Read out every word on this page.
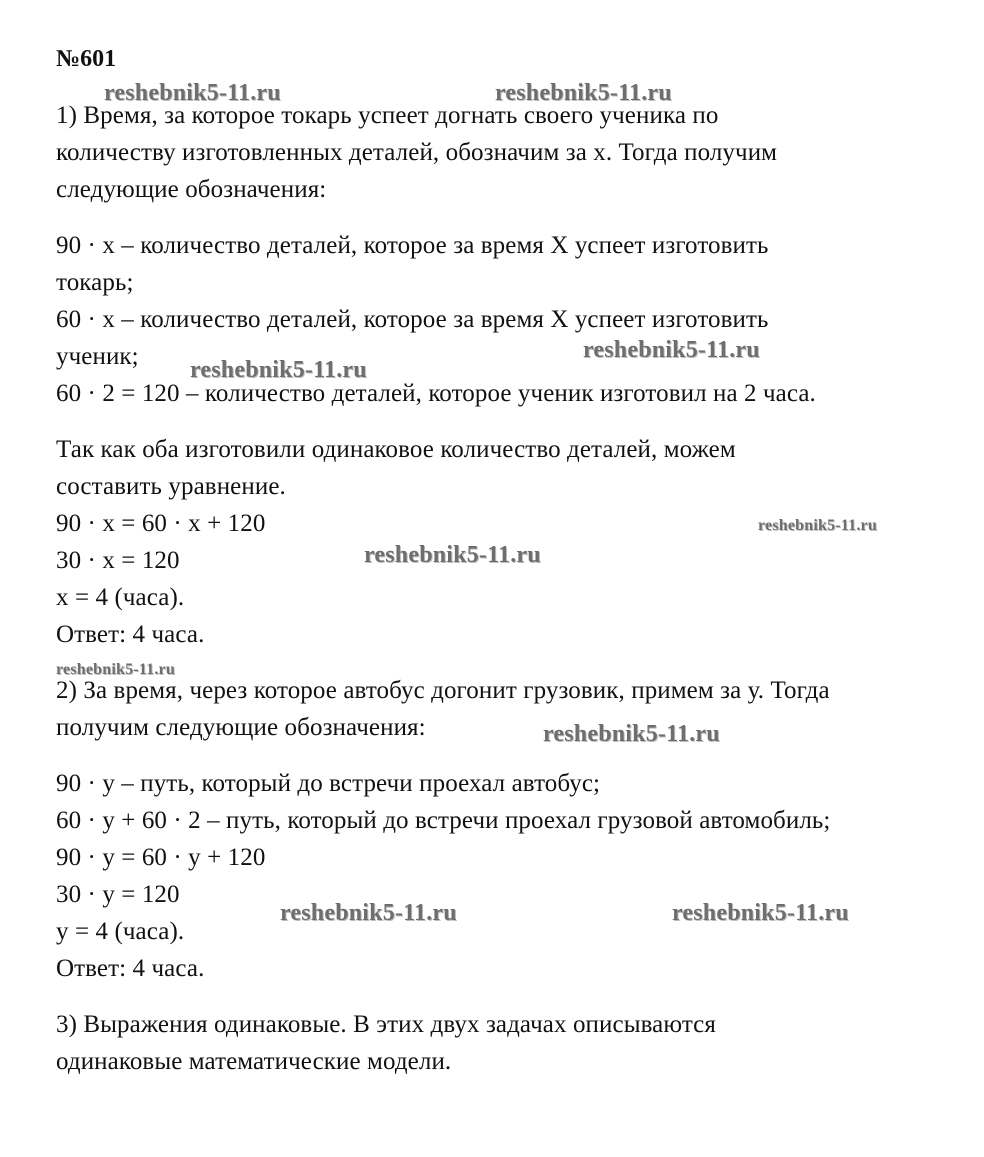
№601
1) Время, за которое токарь успеет догнать своего ученика по
количеству изготовленных деталей, обозначим за х. Тогда получим
следующие обозначения:
90 · х – количество деталей, которое за время Х успеет изготовить
токарь;
60 · х – количество деталей, которое за время Х успеет изготовить
ученик;
60 · 2 = 120 – количество деталей, которое ученик изготовил на 2 часа.
Так как оба изготовили одинаковое количество деталей, можем
составить уравнение.
90 · х = 60 · х + 120
30 · х = 120
х = 4 (часа).
Ответ: 4 часа.
2) За время, через которое автобус догонит грузовик, примем за у. Тогда
получим следующие обозначения:
90 · у – путь, который до встречи проехал автобус;
60 · у + 60 · 2 – путь, который до встречи проехал грузовой автомобиль;
90 · у = 60 · у + 120
30 · у = 120
у = 4 (часа).
Ответ: 4 часа.
3) Выражения одинаковые. В этих двух задачах описываются
одинаковые математические модели.
reshebnik5-11.ru	reshebnik5-11.ru
reshebnik5-11.ru
reshebnik5-11.ru
reshebnik5-11.ru
reshebnik5-11.ru
reshebnik5-11.ru
reshebnik5-11.ru
reshebnik5-11.ru	reshebnik5-11.ru
